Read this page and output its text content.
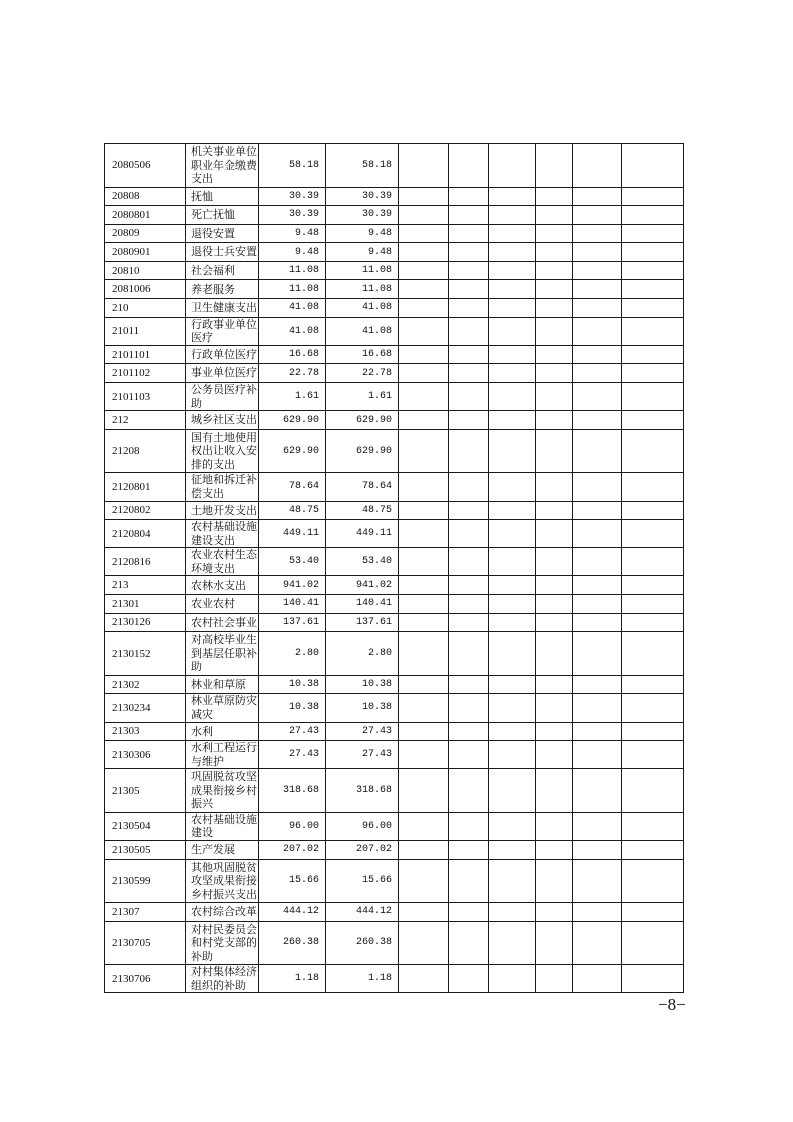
2080506	机关事业单位职业年金缴费支出	58.18	58.18						
20808	抚恤	30.39	30.39						
2080801	死亡抚恤	30.39	30.39						
20809	退役安置	9.48	9.48						
2080901	退役士兵安置	9.48	9.48						
20810	社会福利	11.08	11.08						
2081006	养老服务	11.08	11.08						
210	卫生健康支出	41.08	41.08						
21011	行政事业单位医疗	41.08	41.08						
2101101	行政单位医疗	16.68	16.68						
2101102	事业单位医疗	22.78	22.78						
2101103	公务员医疗补助	1.61	1.61						
212	城乡社区支出	629.90	629.90						
21208	国有土地使用权出让收入安排的支出	629.90	629.90						
2120801	征地和拆迁补偿支出	78.64	78.64						
2120802	土地开发支出	48.75	48.75						
2120804	农村基础设施建设支出	449.11	449.11						
2120816	农业农村生态环境支出	53.40	53.40						
213	农林水支出	941.02	941.02						
21301	农业农村	140.41	140.41						
2130126	农村社会事业	137.61	137.61						
2130152	对高校毕业生到基层任职补助	2.80	2.80						
21302	林业和草原	10.38	10.38						
2130234	林业草原防灾减灾	10.38	10.38						
21303	水利	27.43	27.43						
2130306	水利工程运行与维护	27.43	27.43						
21305	巩固脱贫攻坚成果衔接乡村振兴	318.68	318.68						
2130504	农村基础设施建设	96.00	96.00						
2130505	生产发展	207.02	207.02						
2130599	其他巩固脱贫攻坚成果衔接乡村振兴支出	15.66	15.66						
21307	农村综合改革	444.12	444.12						
2130705	对村民委员会和村党支部的补助	260.38	260.38						
2130706	对村集体经济组织的补助	1.18	1.18						
−8−
